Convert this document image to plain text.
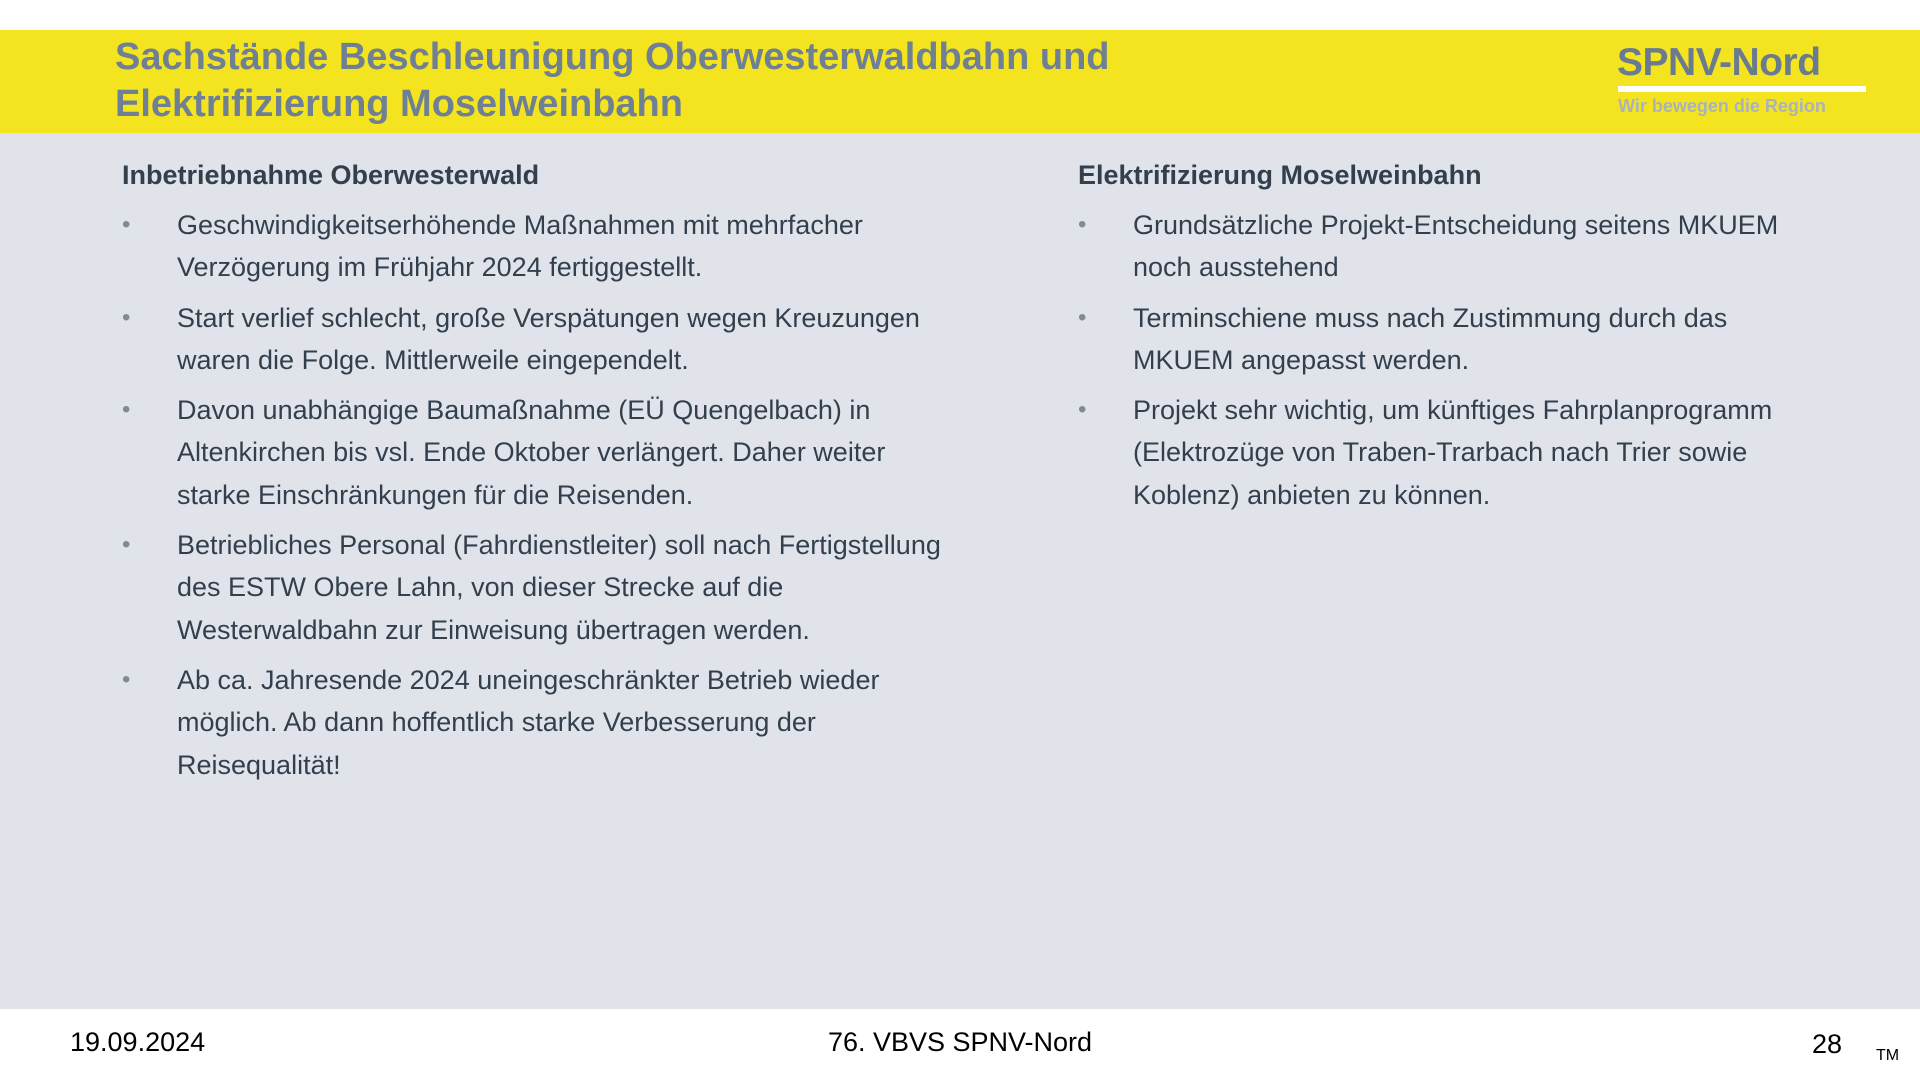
Sachstände Beschleunigung Oberwesterwaldbahn und
Elektrifizierung Moselweinbahn
SPNV-Nord
Wir bewegen die Region
Inbetriebnahme Oberwesterwald
•	Geschwindigkeitserhöhende Maßnahmen mit mehrfacher Verzögerung im Frühjahr 2024 fertiggestellt.
•	Start verlief schlecht, große Verspätungen wegen Kreuzungen waren die Folge. Mittlerweile eingependelt.
•	Davon unabhängige Baumaßnahme (EÜ Quengelbach) in Altenkirchen bis vsl. Ende Oktober verlängert. Daher weiter starke Einschränkungen für die Reisenden.
•	Betriebliches Personal (Fahrdienstleiter) soll nach Fertigstellung des ESTW Obere Lahn, von dieser Strecke auf die Westerwaldbahn zur Einweisung übertragen werden.
•	Ab ca. Jahresende 2024 uneingeschränkter Betrieb wieder möglich. Ab dann hoffentlich starke Verbesserung der Reisequalität!
Elektrifizierung Moselweinbahn
•	Grundsätzliche Projekt-Entscheidung seitens MKUEM noch ausstehend
•	Terminschiene muss nach Zustimmung durch das MKUEM angepasst werden.
•	Projekt sehr wichtig, um künftiges Fahrplanprogramm (Elektrozüge von Traben-Trarbach nach Trier sowie Koblenz) anbieten zu können.
19.09.2024	76. VBVS SPNV-Nord	28 TM
